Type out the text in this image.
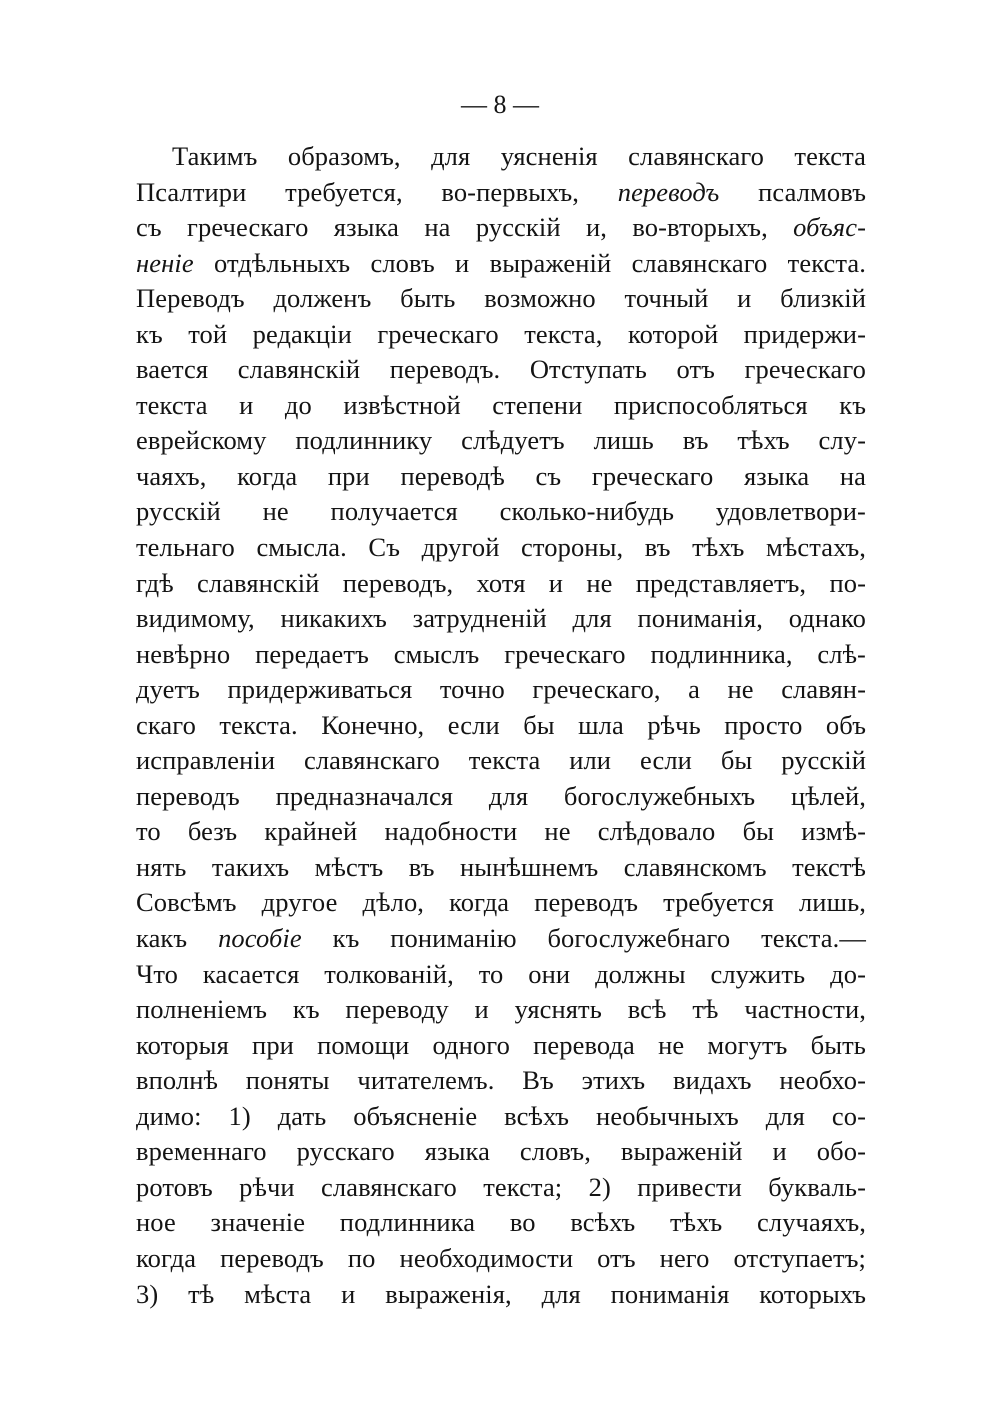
— 8 —
Такимъ образомъ, для уясненія славянскаго текста
Псалтири требуется, во-первыхъ, переводъ псалмовъ
съ греческаго языка на русскій и, во-вторыхъ, объяс-
неніе отдѣльныхъ словъ и выраженій славянскаго текста.
Переводъ долженъ быть возможно точный и близкій
къ той редакціи греческаго текста, которой придержи-
вается славянскій переводъ. Отступать отъ греческаго
текста и до извѣстной степени приспособляться къ
еврейскому подлиннику слѣдуетъ лишь въ тѣхъ слу-
чаяхъ, когда при переводѣ съ греческаго языка на
русскій не получается сколько-нибудь удовлетвори-
тельнаго смысла. Съ другой стороны, въ тѣхъ мѣстахъ,
гдѣ славянскій переводъ, хотя и не представляетъ, по-
видимому, никакихъ затрудненій для пониманія, однако
невѣрно передаетъ смыслъ греческаго подлинника, слѣ-
дуетъ придерживаться точно греческаго, а не славян-
скаго текста. Конечно, если бы шла рѣчь просто объ
исправленіи славянскаго текста или если бы русскій
переводъ предназначался для богослужебныхъ цѣлей,
то безъ крайней надобности не слѣдовало бы измѣ-
нять такихъ мѣстъ въ нынѣшнемъ славянскомъ текстѣ
Совсѣмъ другое дѣло, когда переводъ требуется лишь,
какъ пособіе къ пониманію богослужебнаго текста.—
Что касается толкованій, то они должны служить до-
полненіемъ къ переводу и уяснять всѣ тѣ частности,
которыя при помощи одного перевода не могутъ быть
вполнѣ поняты читателемъ. Въ этихъ видахъ необхо-
димо: 1) дать объясненіе всѣхъ необычныхъ для со-
временнаго русскаго языка словъ, выраженій и обо-
ротовъ рѣчи славянскаго текста; 2) привести букваль-
ное значеніе подлинника во всѣхъ тѣхъ случаяхъ,
когда переводъ по необходимости отъ него отступаетъ;
3) тѣ мѣста и выраженія, для пониманія которыхъ
